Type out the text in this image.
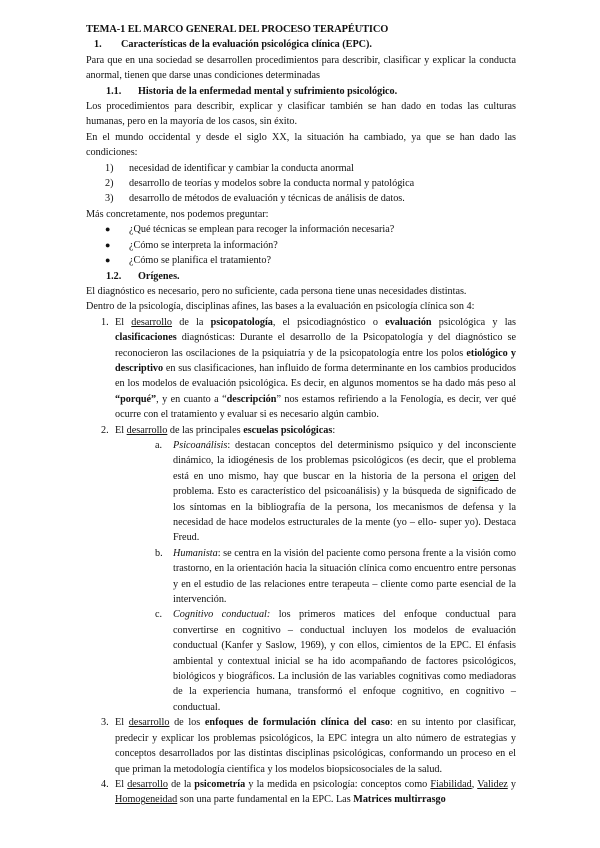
TEMA-1 EL MARCO GENERAL DEL PROCESO TERAPÉUTICO

1. Características de la evaluación psicológica clínica (EPC).

Para que en una sociedad se desarrollen procedimientos para describir, clasificar y explicar la conducta anormal, tienen que darse unas condiciones determinadas

1.1. Historia de la enfermedad mental y sufrimiento psicológico.

Los procedimientos para describir, explicar y clasificar también se han dado en todas las culturas humanas, pero en la mayoría de los casos, sin éxito.

En el mundo occidental y desde el siglo XX, la situación ha cambiado, ya que se han dado las condiciones:

1) necesidad de identificar y cambiar la conducta anormal
2) desarrollo de teorías y modelos sobre la conducta normal y patológica
3) desarrollo de métodos de evaluación y técnicas de análisis de datos.

Más concretamente, nos podemos preguntar:

● ¿Qué técnicas se emplean para recoger la información necesaria?
● ¿Cómo se interpreta la información?
● ¿Cómo se planifica el tratamiento?

1.2. Orígenes.

El diagnóstico es necesario, pero no suficiente, cada persona tiene unas necesidades distintas.

Dentro de la psicología, disciplinas afines, las bases a la evaluación en psicología clínica son 4:

1. El desarrollo de la psicopatología, el psicodiagnóstico o evaluación psicológica y las clasificaciones diagnósticas: Durante el desarrollo de la Psicopatología y del diagnóstico se reconocieron las oscilaciones de la psiquiatría y de la psicopatología entre los polos etiológico y descriptivo en sus clasificaciones, han influido de forma determinante en los cambios producidos en los modelos de evaluación psicológica. Es decir, en algunos momentos se ha dado más peso al “porqué”, y en cuanto a “descripción” nos estamos refiriendo a la Fenología, es decir, ver qué ocurre con el tratamiento y evaluar si es necesario algún cambio.
2. El desarrollo de las principales escuelas psicológicas:
a. Psicoanálisis: destacan conceptos del determinismo psíquico y del inconsciente dinámico, la idiogénesis de los problemas psicológicos (es decir, que el problema está en uno mismo, hay que buscar en la historia de la persona el origen del problema. Esto es característico del psicoanálisis) y la búsqueda de significado de los síntomas en la bibliografía de la persona, los mecanismos de defensa y la necesidad de hace modelos estructurales de la mente (yo – ello- super yo). Destaca Freud.
b. Humanista: se centra en la visión del paciente como persona frente a la visión como trastorno, en la orientación hacia la situación clínica como encuentro entre personas y en el estudio de las relaciones entre terapeuta – cliente como parte esencial de la intervención.
c. Cognitivo conductual: los primeros matices del enfoque conductual para convertirse en cognitivo – conductual incluyen los modelos de evaluación conductual (Kanfer y Saslow, 1969), y con ellos, cimientos de la EPC. El énfasis ambiental y contextual inicial se ha ido acompañando de factores psicológicos, biológicos y biográficos. La inclusión de las variables cognitivas como mediadoras de la experiencia humana, transformó el enfoque cognitivo, en cognitivo – conductual.
3. El desarrollo de los enfoques de formulación clínica del caso: en su intento por clasificar, predecir y explicar los problemas psicológicos, la EPC integra un alto número de estrategias y conceptos desarrollados por las distintas disciplinas psicológicas, conformando un proceso en el que priman la metodología científica y los modelos biopsicosociales de la salud.
4. El desarrollo de la psicometría y la medida en psicología: conceptos como Fiabilidad, Validez y Homogeneidad son una parte fundamental en la EPC. Las Matrices multirrasgo
